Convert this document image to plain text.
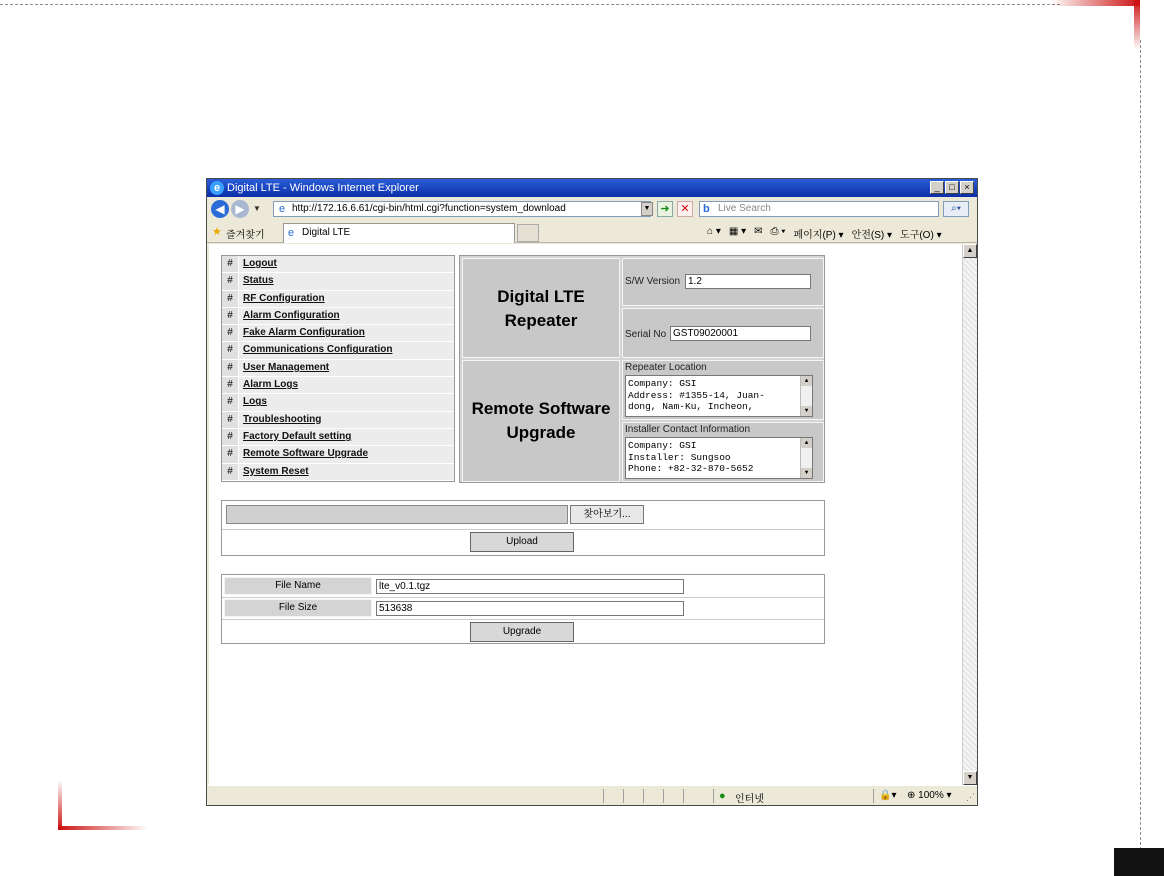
e Digital LTE - Windows Internet Explorer	_	□	×
◀ ▶	▼ e http://172.16.6.61/cgi-bin/html.cgi?function=system_download	▼ ➜ ✕	b Live Search	⌕▾
★ 즐겨찾기 e Digital LTE	⌂ ▾ ▦ ▾ ✉ ⎙ ▾ 페이지(P) ▾ 안전(S) ▾ 도구(O) ▾
#	Logout
#	Status
#	RF Configuration
#	Alarm Configuration
#	Fake Alarm Configuration
#	Communications Configuration
#	User Management
#	Alarm Logs
#	Logs
#	Troubleshooting
#	Factory Default setting
#	Remote Software Upgrade
#	System Reset
Digital LTE
Repeater
S/W Version 1.2
Serial No GST09020001
Remote Software
Upgrade
Repeater Location
Company: GSI
Address: #1355-14, Juan-
dong, Nam-Ku, Incheon,
▲
▼
Installer Contact Information
Company: GSI
Installer: Sungsoo
Phone: +82-32-870-5652
▲
▼
찾아보기...
Upload
File Name	lte_v0.1.tgz
File Size	513638
Upgrade
▲
▼
● 인터넷	🔒▾ ⊕ 100% ▾ ⋰
